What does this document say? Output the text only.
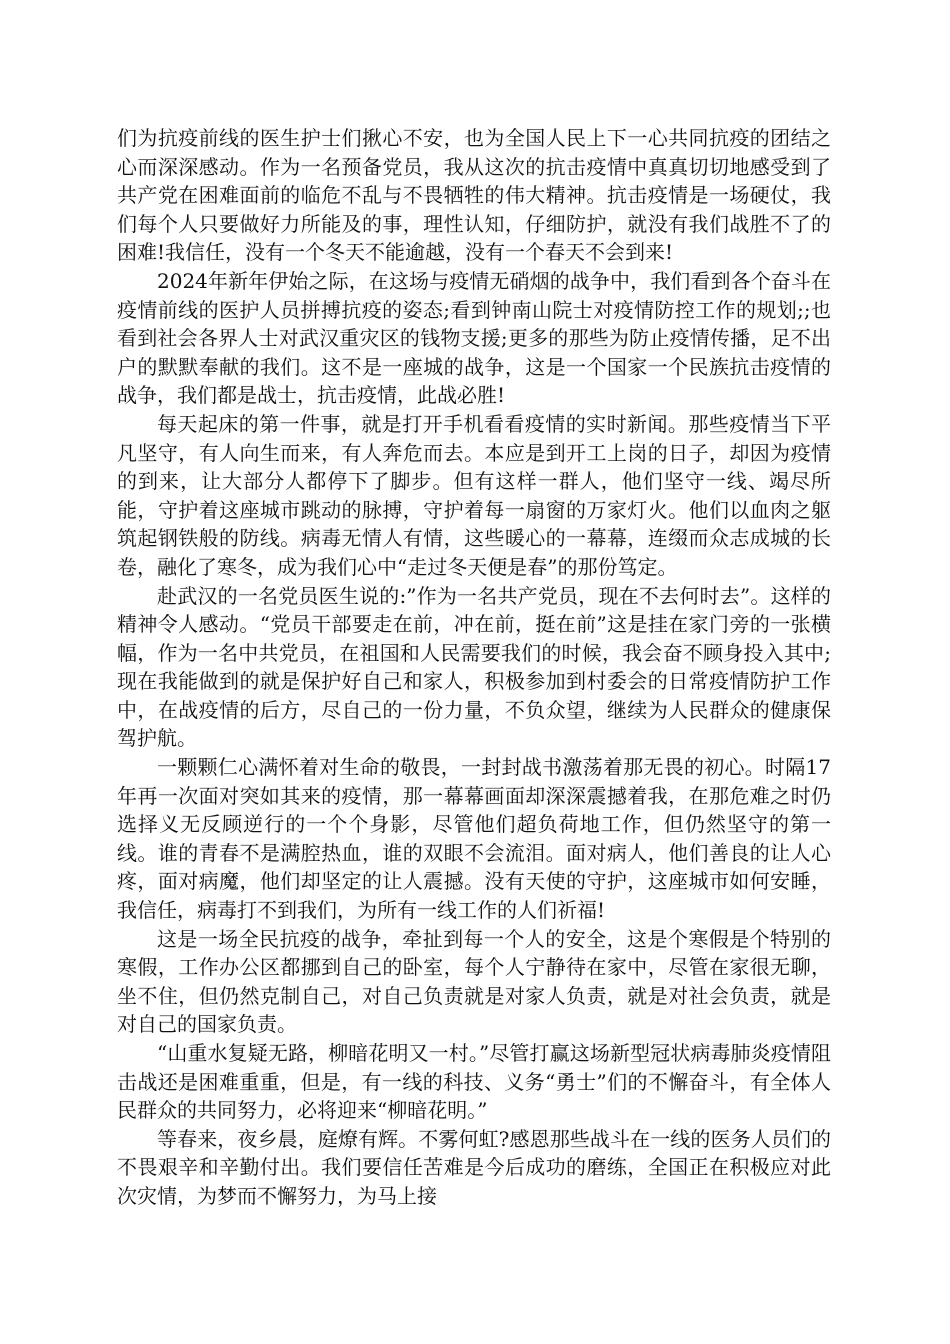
们为抗疫前线的医生护士们揪心不安，也为全国人民上下一心共同抗疫的团结之心而深深感动。作为一名预备党员，我从这次的抗击疫情中真真切切地感受到了共产党在困难面前的临危不乱与不畏牺牲的伟大精神。抗击疫情是一场硬仗，我们每个人只要做好力所能及的事，理性认知，仔细防护，就没有我们战胜不了的困难!我信任，没有一个冬天不能逾越，没有一个春天不会到来!

2024年新年伊始之际，在这场与疫情无硝烟的战争中，我们看到各个奋斗在疫情前线的医护人员拼搏抗疫的姿态;看到钟南山院士对疫情防控工作的规划;;也看到社会各界人士对武汉重灾区的钱物支援;更多的那些为防止疫情传播，足不出户的默默奉献的我们。这不是一座城的战争，这是一个国家一个民族抗击疫情的战争，我们都是战士，抗击疫情，此战必胜!

每天起床的第一件事，就是打开手机看看疫情的实时新闻。那些疫情当下平凡坚守，有人向生而来，有人奔危而去。本应是到开工上岗的日子，却因为疫情的到来，让大部分人都停下了脚步。但有这样一群人，他们坚守一线、竭尽所能，守护着这座城市跳动的脉搏，守护着每一扇窗的万家灯火。他们以血肉之躯筑起钢铁般的防线。病毒无情人有情，这些暖心的一幕幕，连缀而众志成城的长卷，融化了寒冬，成为我们心中“走过冬天便是春”的那份笃定。

赴武汉的一名党员医生说的:”作为一名共产党员，现在不去何时去”。这样的精神令人感动。“党员干部要走在前，冲在前，挺在前”这是挂在家门旁的一张横幅，作为一名中共党员，在祖国和人民需要我们的时候，我会奋不顾身投入其中;现在我能做到的就是保护好自己和家人，积极参加到村委会的日常疫情防护工作中，在战疫情的后方，尽自己的一份力量，不负众望，继续为人民群众的健康保驾护航。

一颗颗仁心满怀着对生命的敬畏，一封封战书激荡着那无畏的初心。时隔17年再一次面对突如其来的疫情，那一幕幕画面却深深震撼着我，在那危难之时仍选择义无反顾逆行的一个个身影，尽管他们超负荷地工作，但仍然坚守的第一线。谁的青春不是满腔热血，谁的双眼不会流泪。面对病人，他们善良的让人心疼，面对病魔，他们却坚定的让人震撼。没有天使的守护，这座城市如何安睡，我信任，病毒打不到我们，为所有一线工作的人们祈福!

这是一场全民抗疫的战争，牵扯到每一个人的安全，这是个寒假是个特别的寒假，工作办公区都挪到自己的卧室，每个人宁静待在家中，尽管在家很无聊，坐不住，但仍然克制自己，对自己负责就是对家人负责，就是对社会负责，就是对自己的国家负责。

“山重水复疑无路，柳暗花明又一村。”尽管打赢这场新型冠状病毒肺炎疫情阻击战还是困难重重，但是，有一线的科技、义务“勇士”们的不懈奋斗，有全体人民群众的共同努力，必将迎来“柳暗花明。”

等春来，夜乡晨，庭燎有辉。不雾何虹?感恩那些战斗在一线的医务人员们的不畏艰辛和辛勤付出。我们要信任苦难是今后成功的磨练，全国正在积极应对此次灾情，为梦而不懈努力，为马上接
